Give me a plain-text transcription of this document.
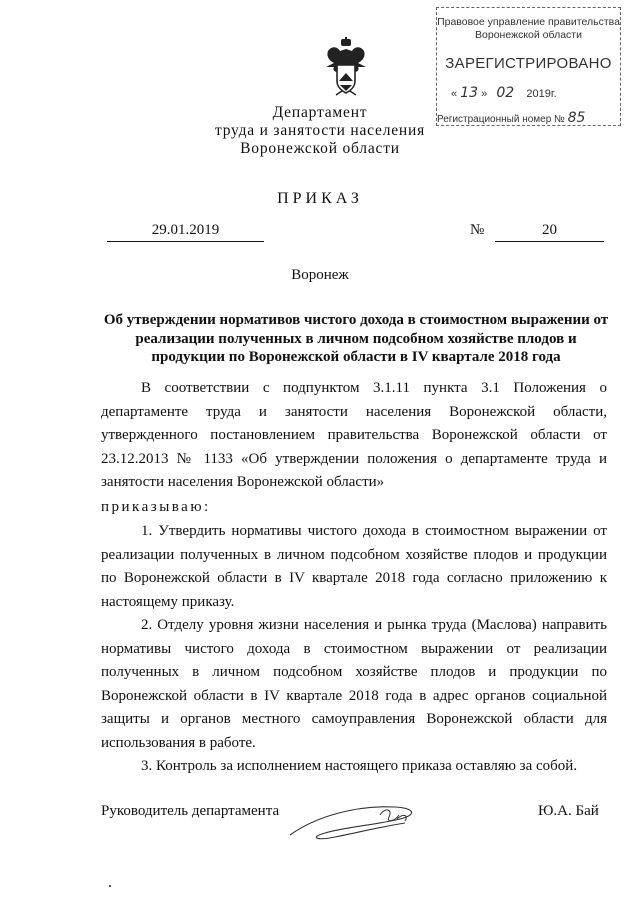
Правовое управление правительства
Воронежской области
ЗАРЕГИСТРИРОВАНО
« 13 »   02 2019г.
Регистрационный номер № 85
Департамент
труда и занятости населения
Воронежской области
ПРИКАЗ
29.01.2019	№	20
Воронеж
Об утверждении нормативов чистого дохода в стоимостном выражении от реализации полученных в личном подсобном хозяйстве плодов и продукции по Воронежской области в IV квартале 2018 года
В соответствии с подпунктом 3.1.11 пункта 3.1 Положения о департаменте труда и занятости населения Воронежской области, утвержденного постановлением правительства Воронежской области от 23.12.2013 № 1133 «Об утверждении положения о департаменте труда и занятости населения Воронежской области»
приказываю:
1. Утвердить нормативы чистого дохода в стоимостном выражении от реализации полученных в личном подсобном хозяйстве плодов и продукции по Воронежской области в IV квартале 2018 года согласно приложению к настоящему приказу.
2. Отделу уровня жизни населения и рынка труда (Маслова) направить нормативы чистого дохода в стоимостном выражении от реализации полученных в личном подсобном хозяйстве плодов и продукции по Воронежской области в IV квартале 2018 года в адрес органов социальной защиты и органов местного самоуправления Воронежской области для использования в работе.
3. Контроль за исполнением настоящего приказа оставляю за собой.
Руководитель департамента	Ю.А. Бай
